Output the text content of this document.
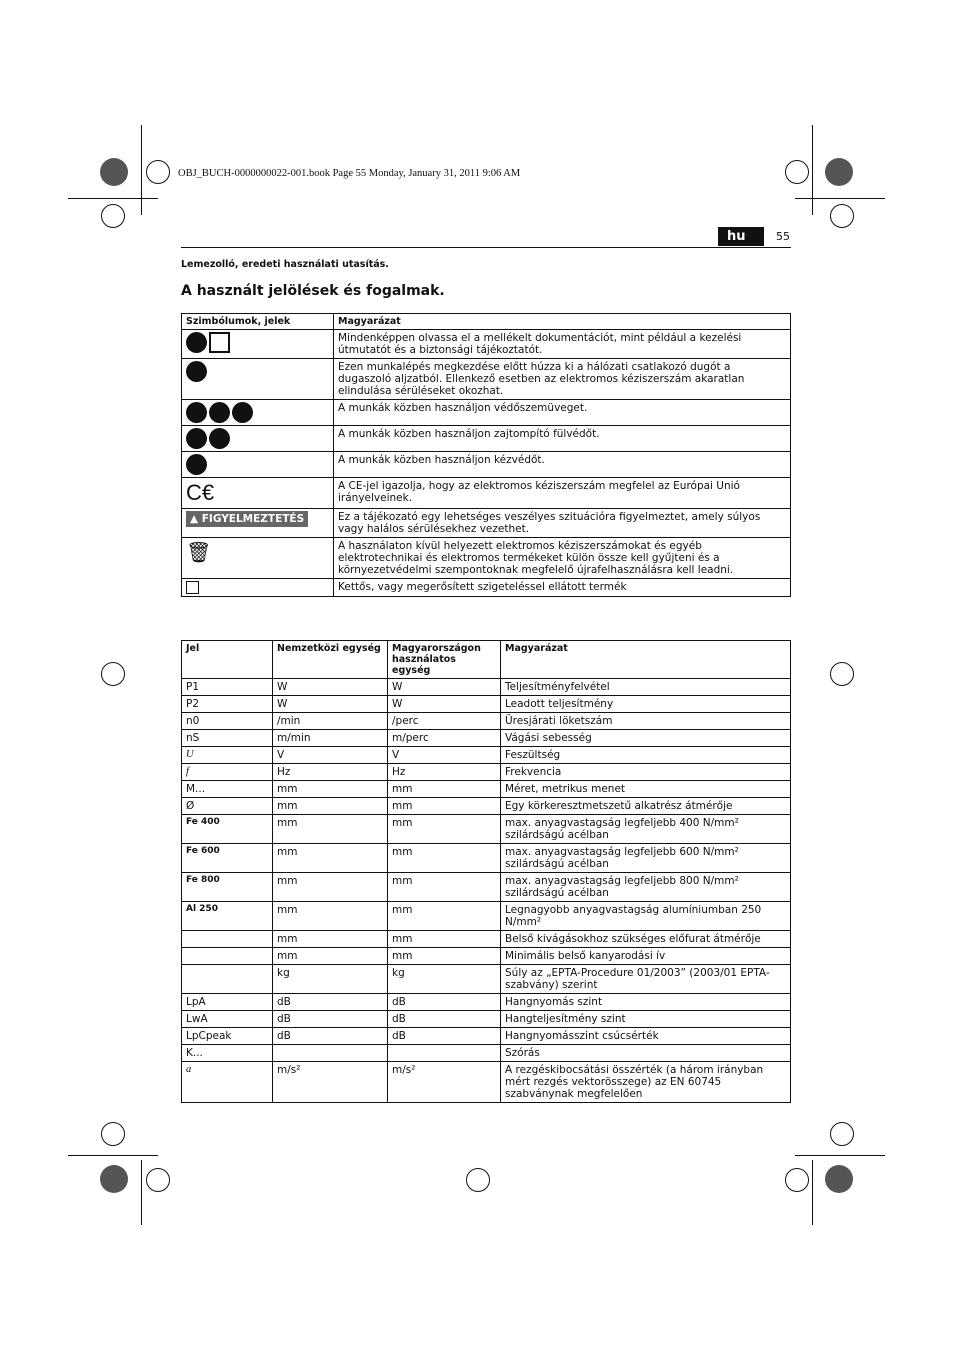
OBJ_BUCH-0000000022-001.book Page 55 Monday, January 31, 2011 9:06 AM
hu	55
Lemezolló, eredeti használati utasítás.
A használt jelölések és fogalmak.
Szimbólumok, jelek	Magyarázat
	Mindenképpen olvassa el a mellékelt dokumentációt, mint például a kezelési útmutatót és a biztonsági tájékoztatót.
	Ezen munkalépés megkezdése előtt húzza ki a hálózati csatlakozó dugót a dugaszoló aljzatból. Ellenkező esetben az elektromos kéziszerszám akaratlan elindulása sérüléseket okozhat.
	A munkák közben használjon védőszemüveget.
	A munkák közben használjon zajtompító fülvédőt.
	A munkák közben használjon kézvédőt.
C€	A CE-jel igazolja, hogy az elektromos kéziszerszám megfelel az Európai Unió irányelveinek.
▲ FIGYELMEZTETÉS	Ez a tájékozató egy lehetséges veszélyes szituációra figyelmeztet, amely súlyos vagy halálos sérülésekhez vezethet.
🗑︎	A használaton kívül helyezett elektromos kéziszerszámokat és egyéb elektrotechnikai és elektromos termékeket külön össze kell gyűjteni és a környezetvédelmi szempontoknak megfelelő újrafelhasználásra kell leadni.
	Kettős, vagy megerősített szigeteléssel ellátott termék
Jel	Nemzetközi egység	Magyarországon használatos egység	Magyarázat
P1	W	W	Teljesítményfelvétel
P2	W	W	Leadott teljesítmény
n0	/min	/perc	Üresjárati löketszám
nS	m/min	m/perc	Vágási sebesség
U	V	V	Feszültség
f	Hz	Hz	Frekvencia
M...	mm	mm	Méret, metrikus menet
Ø	mm	mm	Egy körkeresztmetszetű alkatrész átmérője
Fe 400	mm	mm	max. anyagvastagság legfeljebb 400 N/mm² szilárdságú acélban
Fe 600	mm	mm	max. anyagvastagság legfeljebb 600 N/mm² szilárdságú acélban
Fe 800	mm	mm	max. anyagvastagság legfeljebb 800 N/mm² szilárdságú acélban
Al 250	mm	mm	Legnagyobb anyagvastagság alumíniumban 250 N/mm²
	mm	mm	Belső kivágásokhoz szükséges előfurat átmérője
	mm	mm	Minimális belső kanyarodási ív
	kg	kg	Súly az „EPTA-Procedure 01/2003” (2003/01 EPTA-szabvány) szerint
LpA	dB	dB	Hangnyomás szint
LwA	dB	dB	Hangteljesítmény szint
LpCpeak	dB	dB	Hangnyomásszint csúcsérték
K...			Szórás
a	m/s²	m/s²	A rezgéskibocsátási összérték (a három irányban mért rezgés vektorösszege) az EN 60745 szabványnak megfelelően
